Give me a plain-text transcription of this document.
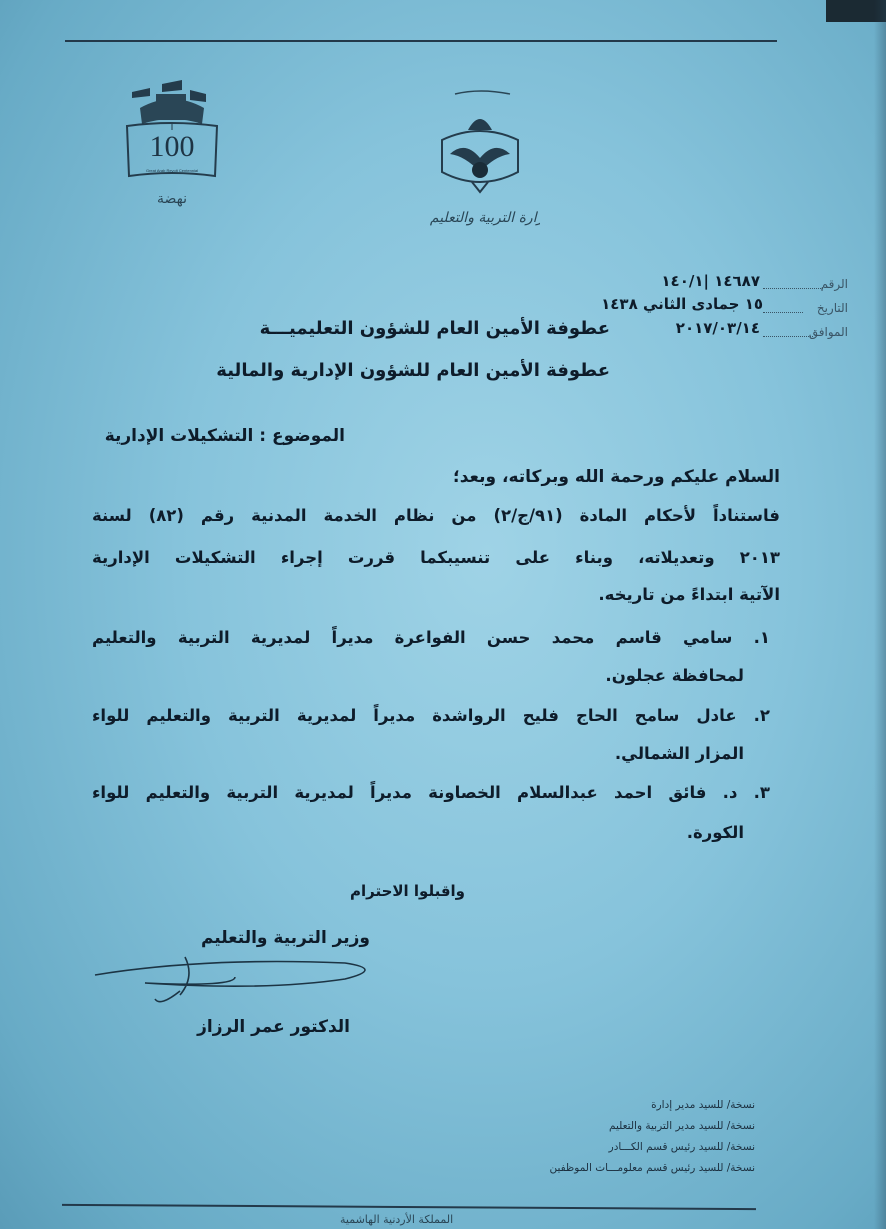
100
Great Arab Revolt Centennial
نهضة
وزارة التربية والتعليم
الرقم
١٤٦٨٧ |١٤٠/١
التاريخ
١٥ جمادى الثاني ١٤٣٨
الموافق
٢٠١٧/٠٣/١٤
عطوفة الأمين العام للشؤون التعليميـــة
عطوفة الأمين العام للشؤون الإدارية والمالية
الموضوع : التشكيلات الإدارية
السلام عليكم ورحمة الله وبركاته، وبعد؛
فاستناداً لأحكام المادة (٩١/ج/٢) من نظام الخدمة المدنية رقم (٨٢) لسنة
٢٠١٣ وتعديلاته، وبناء على تنسيبكما قررت إجراء التشكيلات الإدارية
الآتية ابتداءً من تاريخه.
١. سامي قاسم محمد حسن الفواعرة مديراً لمديرية التربية والتعليم
لمحافظة عجلون.
٢. عادل سامح الحاج فليح الرواشدة مديراً لمديرية التربية والتعليم للواء
المزار الشمالي.
٣. د. فائق احمد عبدالسلام الخصاونة مديراً لمديرية التربية والتعليم للواء
الكورة.
واقبلوا الاحترام
وزير التربية والتعليم
الدكتور عمر الرزاز
نسخة/ للسيد مدير إدارة
نسخة/ للسيد مدير التربية والتعليم
نسخة/ للسيد رئيس قسم الكـــادر
نسخة/ للسيد رئيس قسم معلومـــات الموظفين
المملكة الأردنية الهاشمية
